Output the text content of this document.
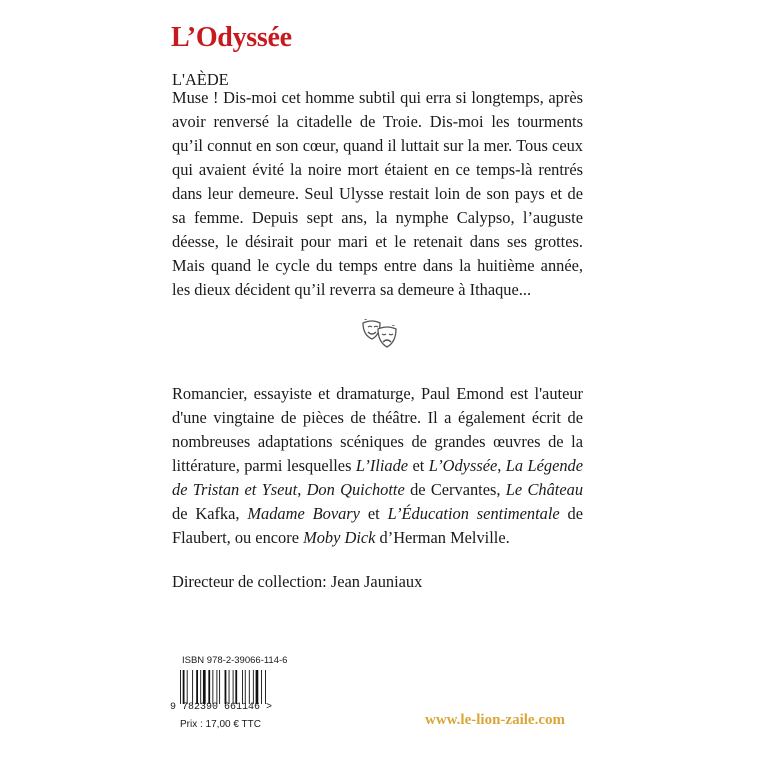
L’Odyssée
L'AÈDE
Muse ! Dis-moi cet homme subtil qui erra si longtemps, après avoir renversé la citadelle de Troie. Dis-moi les tourments qu’il connut en son cœur, quand il luttait sur la mer. Tous ceux qui avaient évité la noire mort étaient en ce temps-là rentrés dans leur demeure. Seul Ulysse restait loin de son pays et de sa femme. Depuis sept ans, la nymphe Calypso, l’auguste déesse, le désirait pour mari et le retenait dans ses grottes. Mais quand le cycle du temps entre dans la huitième année, les dieux décident qu’il reverra sa demeure à Ithaque...
Romancier, essayiste et dramaturge, Paul Emond est l'auteur d'une vingtaine de pièces de théâtre. Il a également écrit de nombreuses adaptations scéniques de grandes œuvres de la littérature, parmi lesquelles L’Iliade et L’Odyssée, La Légende de Tristan et Yseut, Don Quichotte de Cervantes, Le Château de Kafka, Madame Bovary et L’Éducation sentimentale de Flaubert, ou encore Moby Dick d’Herman Melville.
Directeur de collection: Jean Jauniaux
ISBN 978-2-39066-114-6
9 782390 661146 >
Prix : 17,00 € TTC	www.le-lion-zaile.com
